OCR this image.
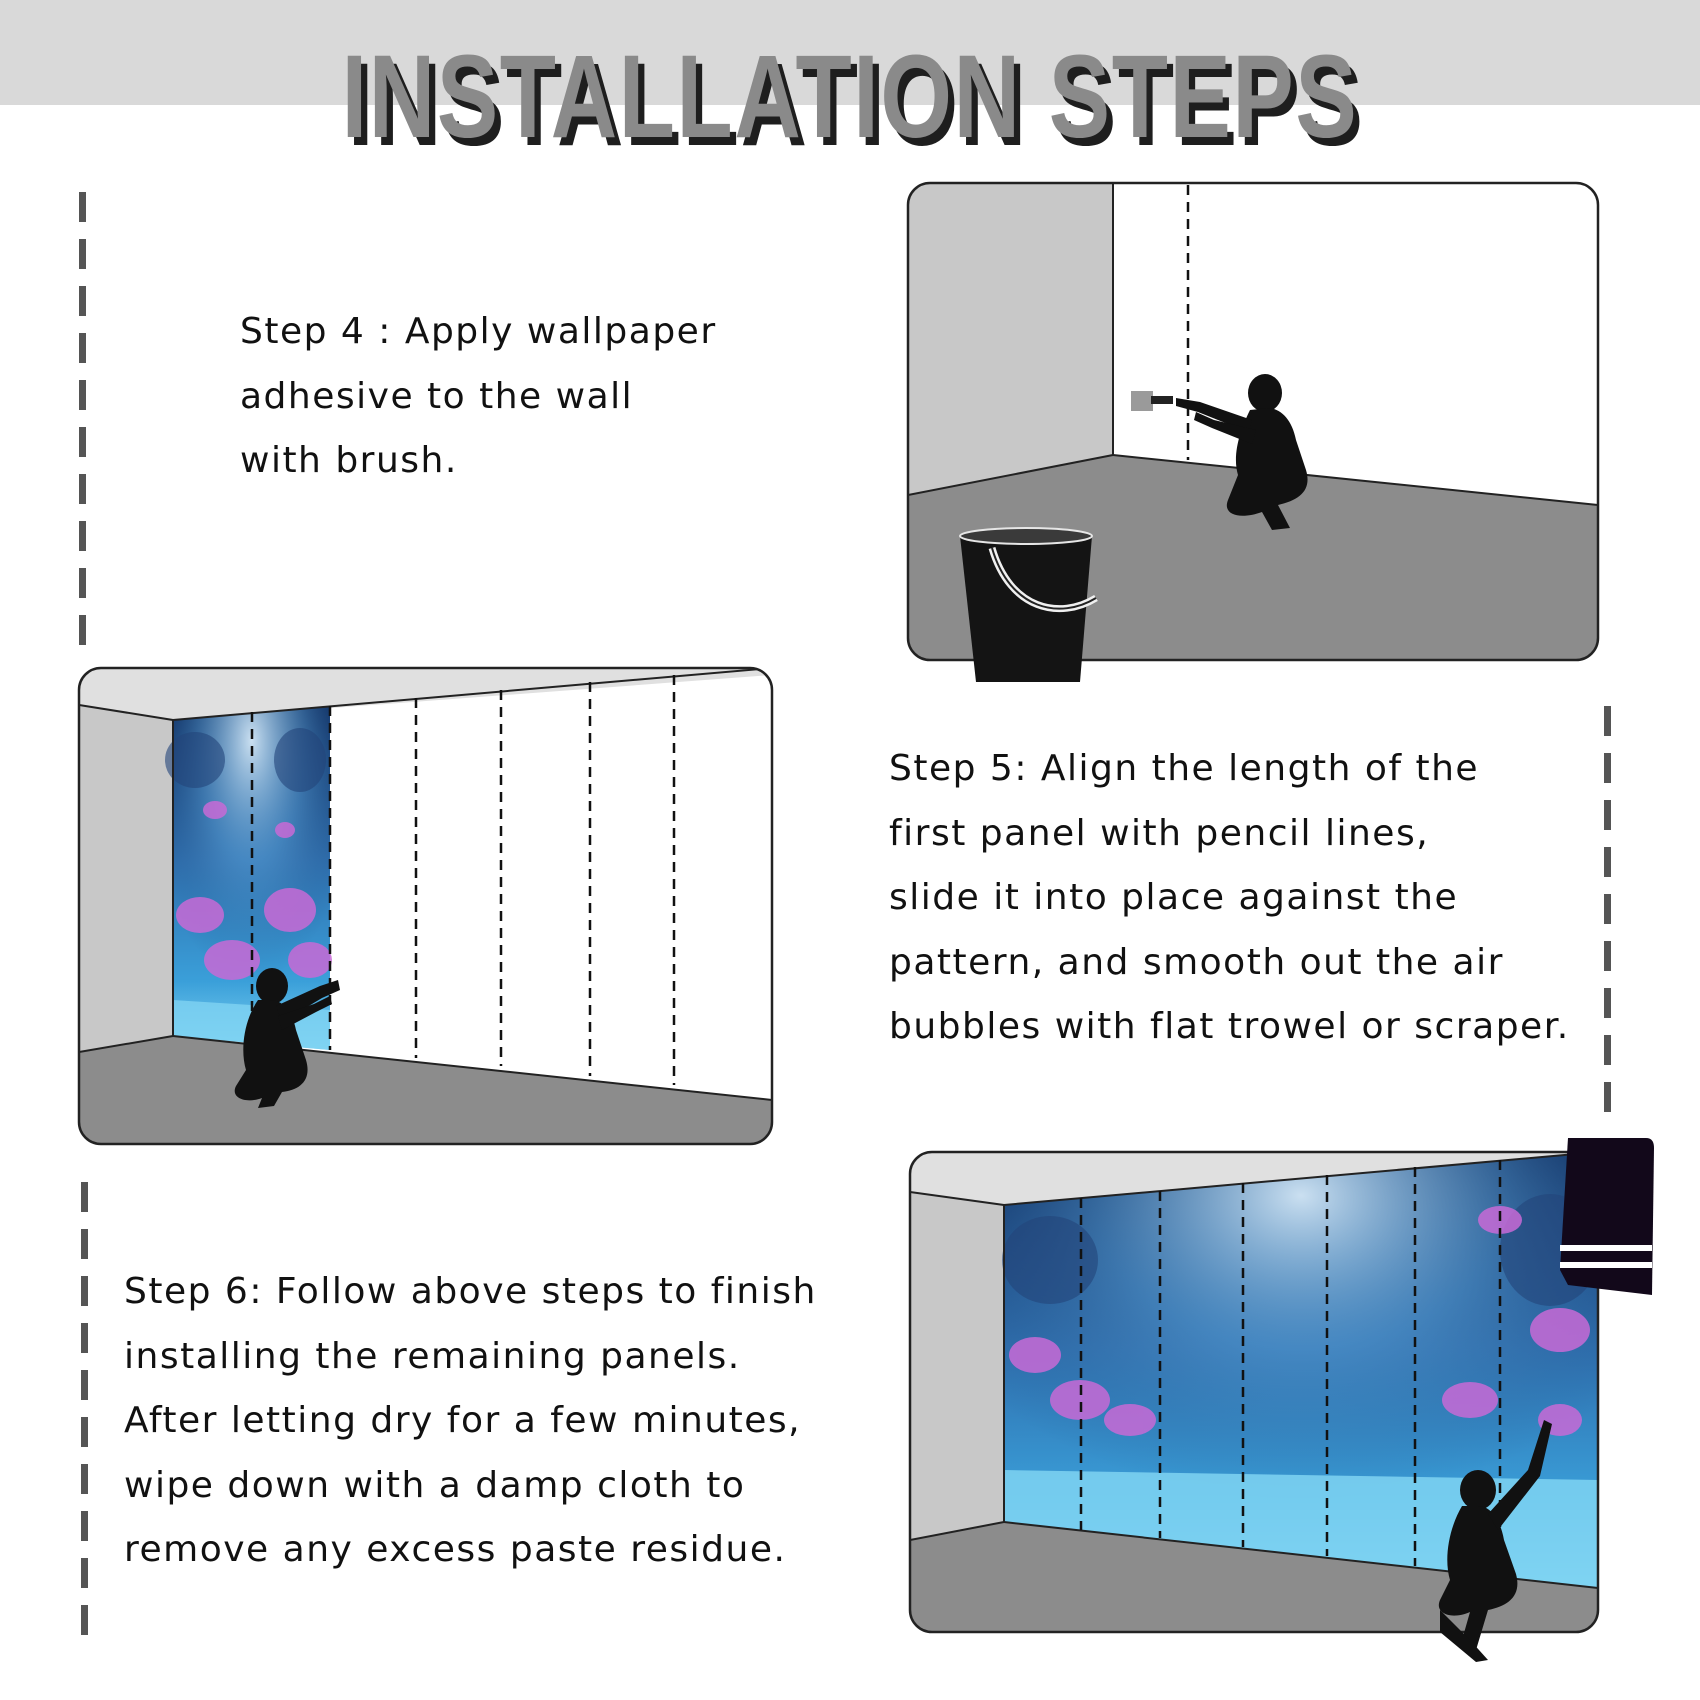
INSTALLATION STEPS
Step 4 : Apply wallpaper
adhesive to the wall
with brush.
Step 5: Align the length of the
first panel with pencil lines,
slide it into place against the
pattern, and smooth out the air
bubbles with flat trowel or scraper.
Step 6: Follow above steps to finish
installing the remaining panels.
After letting dry for a few minutes,
wipe down with a damp cloth to
remove any excess paste residue.
